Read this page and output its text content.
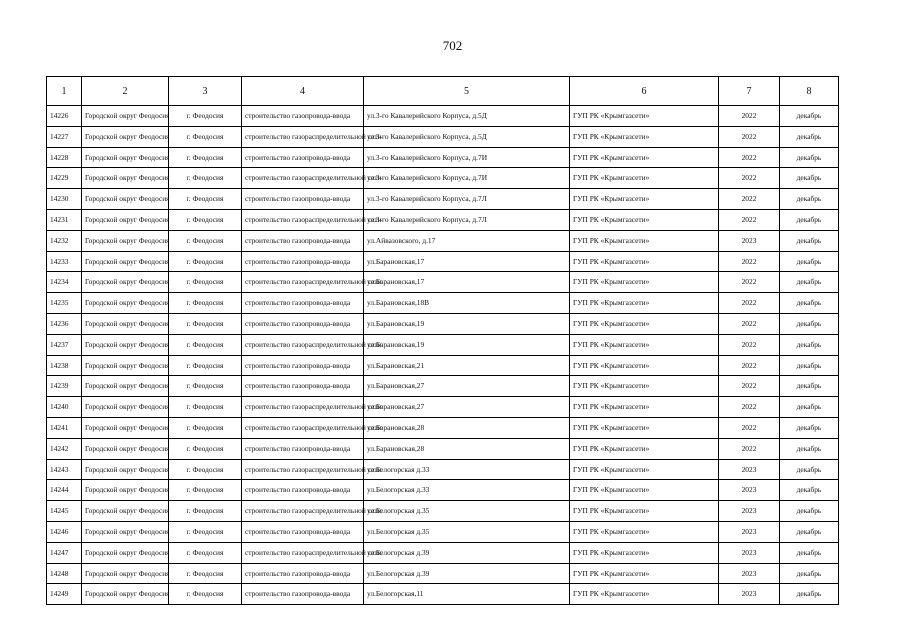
702
1	2	3	4	5	6	7	8
14226	Городской округ Феодосия	г. Феодосия	строительство газопровода-ввода	ул.3-го Кавалерийского Корпуса, д.5Д	ГУП РК «Крымгазсети»	2022	декабрь
14227	Городской округ Феодосия	г. Феодосия	строительство газораспределительной сети	ул.3-го Кавалерийского Корпуса, д.5Д	ГУП РК «Крымгазсети»	2022	декабрь
14228	Городской округ Феодосия	г. Феодосия	строительство газопровода-ввода	ул.3-го Кавалерийского Корпуса, д.7И	ГУП РК «Крымгазсети»	2022	декабрь
14229	Городской округ Феодосия	г. Феодосия	строительство газораспределительной сети	ул.3-го Кавалерийского Корпуса, д.7И	ГУП РК «Крымгазсети»	2022	декабрь
14230	Городской округ Феодосия	г. Феодосия	строительство газопровода-ввода	ул.3-го Кавалерийского Корпуса, д.7Л	ГУП РК «Крымгазсети»	2022	декабрь
14231	Городской округ Феодосия	г. Феодосия	строительство газораспределительной сети	ул.3-го Кавалерийского Корпуса, д.7Л	ГУП РК «Крымгазсети»	2022	декабрь
14232	Городской округ Феодосия	г. Феодосия	строительство газопровода-ввода	ул.Айвазовского, д.17	ГУП РК «Крымгазсети»	2023	декабрь
14233	Городской округ Феодосия	г. Феодосия	строительство газопровода-ввода	ул.Барановская,17	ГУП РК «Крымгазсети»	2022	декабрь
14234	Городской округ Феодосия	г. Феодосия	строительство газораспределительной сети	ул.Барановская,17	ГУП РК «Крымгазсети»	2022	декабрь
14235	Городской округ Феодосия	г. Феодосия	строительство газопровода-ввода	ул.Барановская,18В	ГУП РК «Крымгазсети»	2022	декабрь
14236	Городской округ Феодосия	г. Феодосия	строительство газопровода-ввода	ул.Барановская,19	ГУП РК «Крымгазсети»	2022	декабрь
14237	Городской округ Феодосия	г. Феодосия	строительство газораспределительной сети	ул.Барановская,19	ГУП РК «Крымгазсети»	2022	декабрь
14238	Городской округ Феодосия	г. Феодосия	строительство газопровода-ввода	ул.Барановская,21	ГУП РК «Крымгазсети»	2022	декабрь
14239	Городской округ Феодосия	г. Феодосия	строительство газопровода-ввода	ул.Барановская,27	ГУП РК «Крымгазсети»	2022	декабрь
14240	Городской округ Феодосия	г. Феодосия	строительство газораспределительной сети	ул.Барановская,27	ГУП РК «Крымгазсети»	2022	декабрь
14241	Городской округ Феодосия	г. Феодосия	строительство газораспределительной сети	ул.Барановская,28	ГУП РК «Крымгазсети»	2022	декабрь
14242	Городской округ Феодосия	г. Феодосия	строительство газопровода-ввода	ул.Барановская,28	ГУП РК «Крымгазсети»	2022	декабрь
14243	Городской округ Феодосия	г. Феодосия	строительство газораспределительной сети	ул.Белогорская д.33	ГУП РК «Крымгазсети»	2023	декабрь
14244	Городской округ Феодосия	г. Феодосия	строительство газопровода-ввода	ул.Белогорская д.33	ГУП РК «Крымгазсети»	2023	декабрь
14245	Городской округ Феодосия	г. Феодосия	строительство газораспределительной сети	ул.Белогорская д.35	ГУП РК «Крымгазсети»	2023	декабрь
14246	Городской округ Феодосия	г. Феодосия	строительство газопровода-ввода	ул.Белогорская д.35	ГУП РК «Крымгазсети»	2023	декабрь
14247	Городской округ Феодосия	г. Феодосия	строительство газораспределительной сети	ул.Белогорская д.39	ГУП РК «Крымгазсети»	2023	декабрь
14248	Городской округ Феодосия	г. Феодосия	строительство газопровода-ввода	ул.Белогорская д.39	ГУП РК «Крымгазсети»	2023	декабрь
14249	Городской округ Феодосия	г. Феодосия	строительство газопровода-ввода	ул.Белогорская,11	ГУП РК «Крымгазсети»	2023	декабрь
